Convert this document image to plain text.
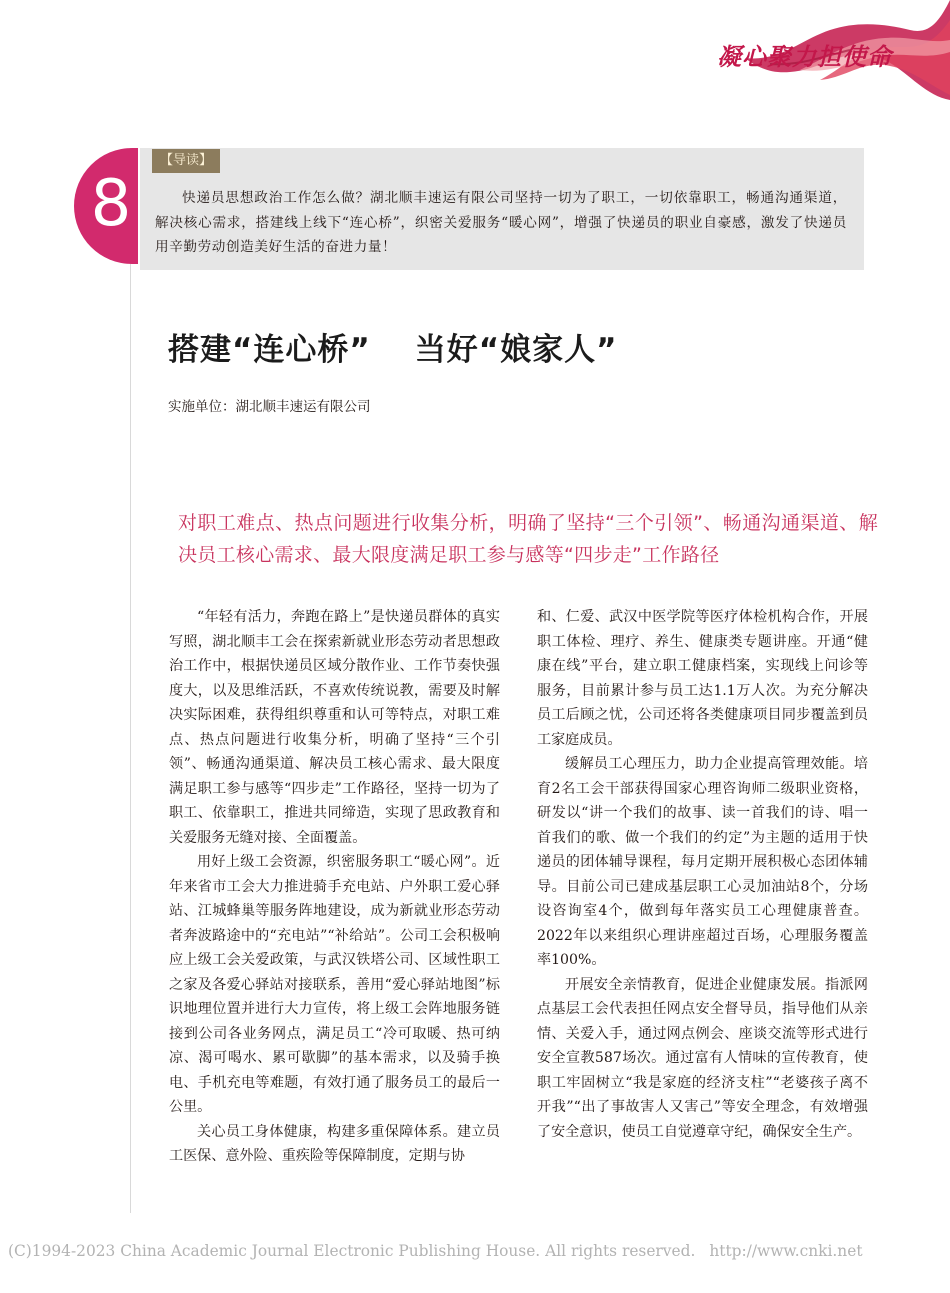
凝心聚力担使命
8
【导读】
快递员思想政治工作怎么做？湖北顺丰速运有限公司坚持一切为了职工，一切依靠职工，畅通沟通渠道，解决核心需求，搭建线上线下“连心桥”，织密关爱服务“暖心网”，增强了快递员的职业自豪感，激发了快递员用辛勤劳动创造美好生活的奋进力量！
搭建“连心桥” 当好“娘家人”
实施单位：湖北顺丰速运有限公司
对职工难点、热点问题进行收集分析，明确了坚持“三个引领”、畅通沟通渠道、解决员工核心需求、最大限度满足职工参与感等“四步走”工作路径

“年轻有活力，奔跑在路上”是快递员群体的真实写照，湖北顺丰工会在探索新就业形态劳动者思想政治工作中，根据快递员区域分散作业、工作节奏快强度大，以及思维活跃，不喜欢传统说教，需要及时解决实际困难，获得组织尊重和认可等特点，对职工难点、热点问题进行收集分析，明确了坚持“三个引领”、畅通沟通渠道、解决员工核心需求、最大限度满足职工参与感等“四步走”工作路径，坚持一切为了职工、依靠职工，推进共同缔造，实现了思政教育和关爱服务无缝对接、全面覆盖。

用好上级工会资源，织密服务职工“暖心网”。近年来省市工会大力推进骑手充电站、户外职工爱心驿站、江城蜂巢等服务阵地建设，成为新就业形态劳动者奔波路途中的“充电站”“补给站”。公司工会积极响应上级工会关爱政策，与武汉铁塔公司、区域性职工之家及各爱心驿站对接联系，善用“爱心驿站地图”标识地理位置并进行大力宣传，将上级工会阵地服务链接到公司各业务网点，满足员工“冷可取暖、热可纳凉、渴可喝水、累可歇脚”的基本需求，以及骑手换电、手机充电等难题，有效打通了服务员工的最后一公里。

关心员工身体健康，构建多重保障体系。建立员工医保、意外险、重疾险等保障制度，定期与协

和、仁爱、武汉中医学院等医疗体检机构合作，开展职工体检、理疗、养生、健康类专题讲座。开通“健康在线”平台，建立职工健康档案，实现线上问诊等服务，目前累计参与员工达1.1万人次。为充分解决员工后顾之忧，公司还将各类健康项目同步覆盖到员工家庭成员。

缓解员工心理压力，助力企业提高管理效能。培育2名工会干部获得国家心理咨询师二级职业资格，研发以“讲一个我们的故事、读一首我们的诗、唱一首我们的歌、做一个我们的约定”为主题的适用于快递员的团体辅导课程，每月定期开展积极心态团体辅导。目前公司已建成基层职工心灵加油站8个，分场设咨询室4个，做到每年落实员工心理健康普查。2022年以来组织心理讲座超过百场，心理服务覆盖率100%。

开展安全亲情教育，促进企业健康发展。指派网点基层工会代表担任网点安全督导员，指导他们从亲情、关爱入手，通过网点例会、座谈交流等形式进行安全宣教587场次。通过富有人情味的宣传教育，使职工牢固树立“我是家庭的经济支柱”“老婆孩子离不开我”“出了事故害人又害己”等安全理念，有效增强了安全意识，使员工自觉遵章守纪，确保安全生产。

(C)1994-2023 China Academic Journal Electronic Publishing House. All rights reserved. http://www.cnki.net
